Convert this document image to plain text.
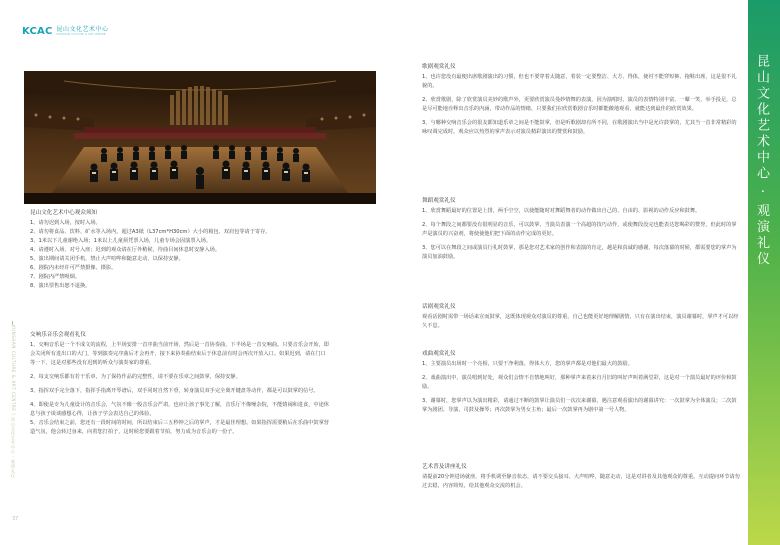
KCAC 昆山文化艺术中心
KUNSHAN CULTURE & ART CENTRE
昆山文化艺术中心观众须知

1、请勿迟到入场，按时入场。

2、请勿将食品、饮料、矿水等入场内，超过A3纸（L37cm*H30cm）大小的箱包、双肩包等请于寄存。

3、1米以下儿童谢绝入场；1米以上儿童须凭票入场，儿童专场会固演票入场。

4、请遵时入场，对号入座；迟到的观众请在厅外稍候，待曲目间休息时安静入场。

5、演出期间请关闭手机，禁止大声喧哗和随意走动，以保持安静。

6、剧院内未经许可严禁摄像、摄影。

7、剧院内严禁吸烟。

8、演出票售出恕不退换。

交响乐音乐会观看礼仪

1、交响音乐是一个不成文的流程，上半场安排一首序曲当前开场，然后是一首协奏曲，下半场是一首交响曲。只要音乐会开始，即会关闭所有进出口的大门，等到演奏完序曲后才会再开，接下来协奏曲结束后于休息前有时会再次开放入口。如果迟到，请在门口等一下，这是对那些没有迟到的听众与演奏家的尊重。

2、每支交响乐都有若干乐章，为了保持作品的完整性，请不要在乐章之间鼓掌，保持安静。

3、指挥双手完全落下，指挥手指离开琴谱后，双手同时自然下垂，转身演员双手完全离开键盘等动作，都是可以鼓掌的信号。

4、即使是专为儿童设计的音乐会，气氛不像一般音乐会严肃，也应让孩子事先了解，音乐厅不像噪杂院，不能嬉闹和进食，中途休息与孩子谈谈感想心得，让孩子学会表达自己的体验。

5、音乐会结束之前，您还有一段时间的时间，所以结束后三五秒钟之后的掌声，才是最佳理想。如果指挥需要稍后在乐曲中鼓掌营造气氛，他会转过身来，向着您打拍子，这时候您要跟着节拍，努力成为音乐会的一份子。

歌剧观赏礼仪

1、也许您没有最便出席歌剧演出的习惯，但也不要穿着太随意，着装一定要整洁、大方、得体，使衬不能穿短裤、拖鞋出席，这是很不礼貌的。

2、欣赏歌剧，除了欣赏演员美妙的歌声外，更要欣赏演员曼妙情舞的表演，因为演唱时，演员的表情特别丰富，一颦一笑，举手投足，总是尽可能地诠释出音乐的内涵，带动作品的情绪，只要我们在欣赏歌剧音乐时都能敞地观看，就能达到最佳的欣赏效果。

3、与哪种交响音乐会的很友都知道乐章之间是不能鼓掌，但是听歌剧却有所不同，在歌剧演出当中是允许鼓掌的，尤其当一首非常精彩的咏叹调完成时，观众应以热烈的掌声表示对演员精彩演出的赞赏和鼓励。

舞蹈观赏礼仪

1、欣赏舞蹈最好的位置是上排，两手空空，以使能随时对舞蹈舞者的动作做出自己的、自由的、影视的动作反应和鼓舞。

2、每个舞段之间都要没有很明显的音乐，可以鼓掌，当演员表演一个高超的技巧动作，或使舞段没完也能表达您喝彩的赞誉，但此时的掌声是演员的兴奋剂，将使使他们把下面的动作完成的更好。

3、您可以在舞段之间或演员行礼时鼓掌，那是您对艺术家的创作和表演的肯定，越是和真诚的感谢，每次落幕的时候，都需要您的掌声为演员加油鼓励。

话剧观赏礼仪

观看话剧时需带一场话来宣而鼓掌，这既体现观众对演员的尊重，自己也能更好地理解剧情，只有在演出结束，演员谢幕时，掌声才可以经久不息。

戏曲观赏礼仪

1、主要演员出场时一个亮相，只要干净利落，得体大方，您的掌声都是对他们最大的鼓励。

2、戏曲演出中，演员唱到好处，观众们会情不自禁地叫好，那种掌声来着来自月旧的叫好声叫着满堂彩，这是对一个演员最好的评价和鼓励。

3、谢幕时，您掌声以为演出精彩，请通过不断的鼓掌让演员们一次次来谢幕，遇注意观看演出的谢幕讲究：一次鼓掌为全体演员；二次鼓掌为剧团、导演、司鼓及操琴；再次鼓掌为男女主角；最后一次鼓掌再为剧中第一号人物。

艺术普及讲座礼仪

请提前20分钟进场就座，将手机调至静音状态，请不要交头接耳、大声喧哗，随意走动，这是对讲者及其他观众的尊重。互动提问环节请勿过去稳，内容简短，给其他观众交流的机会。

KUNSHAN CULTURE & ART CENTRE | 昆山文化艺术中心 · 观演礼仪
37
昆山文化艺术中心 · 观演礼仪
